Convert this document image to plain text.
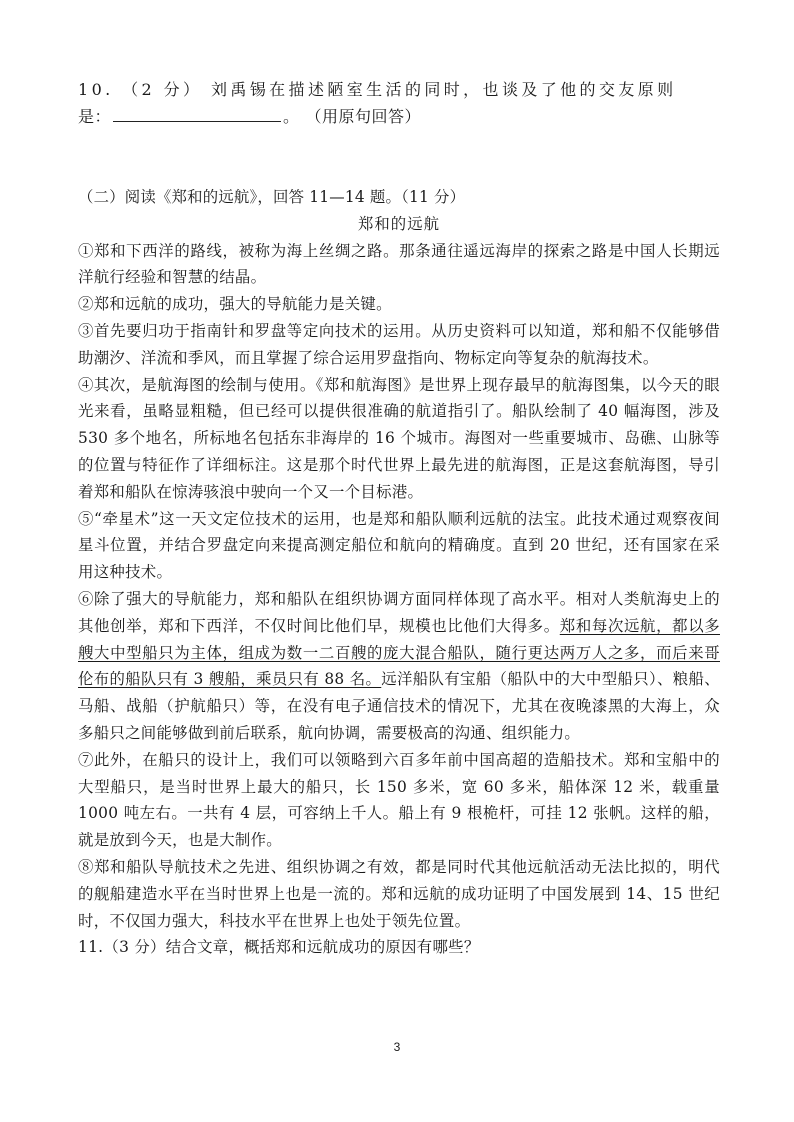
10. （2 分） 刘禹锡在描述陋室生活的同时，也谈及了他的交友原则
是：	。 （用原句回答）

（二）阅读《郑和的远航》，回答 11—14 题。（11 分）

郑和的远航

①郑和下西洋的路线，被称为海上丝绸之路。那条通往遥远海岸的探索之路是中国人长期远洋航行经验和智慧的结晶。

②郑和远航的成功，强大的导航能力是关键。

③首先要归功于指南针和罗盘等定向技术的运用。从历史资料可以知道，郑和船不仅能够借助潮汐、洋流和季风，而且掌握了综合运用罗盘指向、物标定向等复杂的航海技术。

④其次，是航海图的绘制与使用。《郑和航海图》是世界上现存最早的航海图集，以今天的眼光来看，虽略显粗糙，但已经可以提供很准确的航道指引了。船队绘制了 40 幅海图，涉及 530 多个地名，所标地名包括东非海岸的 16 个城市。海图对一些重要城市、岛礁、山脉等的位置与特征作了详细标注。这是那个时代世界上最先进的航海图，正是这套航海图，导引着郑和船队在惊涛骇浪中驶向一个又一个目标港。

⑤“牵星术”这一天文定位技术的运用，也是郑和船队顺利远航的法宝。此技术通过观察夜间星斗位置，并结合罗盘定向来提高测定船位和航向的精确度。直到 20 世纪，还有国家在采用这种技术。

⑥除了强大的导航能力，郑和船队在组织协调方面同样体现了高水平。相对人类航海史上的其他创举，郑和下西洋，不仅时间比他们早，规模也比他们大得多。郑和每次远航，都以多艘大中型船只为主体，组成为数一二百艘的庞大混合船队，随行更达两万人之多，而后来哥伦布的船队只有 3 艘船，乘员只有 88 名。远洋船队有宝船（船队中的大中型船只）、粮船、马船、战船（护航船只）等，在没有电子通信技术的情况下，尤其在夜晚漆黑的大海上，众多船只之间能够做到前后联系，航向协调，需要极高的沟通、组织能力。

⑦此外，在船只的设计上，我们可以领略到六百多年前中国高超的造船技术。郑和宝船中的大型船只，是当时世界上最大的船只，长 150 多米，宽 60 多米，船体深 12 米，载重量 1000 吨左右。一共有 4 层，可容纳上千人。船上有 9 根桅杆，可挂 12 张帆。这样的船，就是放到今天，也是大制作。

⑧郑和船队导航技术之先进、组织协调之有效，都是同时代其他远航活动无法比拟的，明代的舰船建造水平在当时世界上也是一流的。郑和远航的成功证明了中国发展到 14、15 世纪时，不仅国力强大，科技水平在世界上也处于领先位置。

11.（3 分）结合文章，概括郑和远航成功的原因有哪些？

3
